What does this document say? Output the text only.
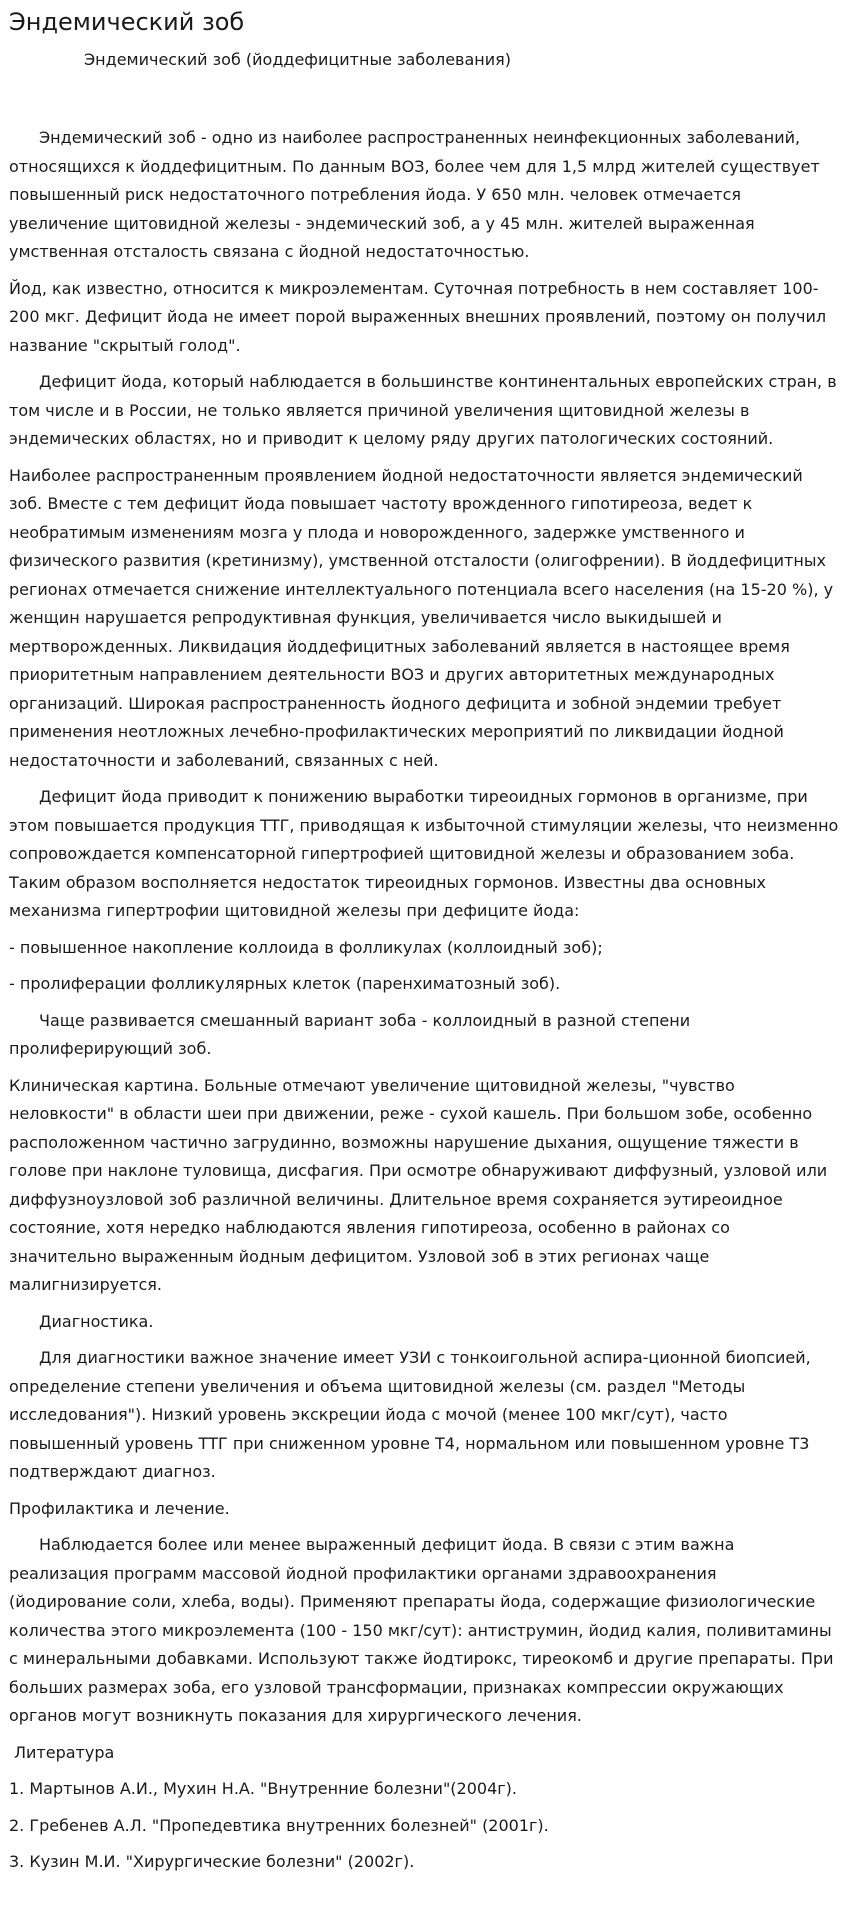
Эндемический зоб
Эндемический зоб (йоддефицитные заболевания)

Эндемический зоб - одно из наиболее распространенных неинфекционных заболеваний, относящихся к йоддефицитным. По данным ВОЗ, более чем для 1,5 млрд жителей существует повышенный риск недостаточного потребления йода. У 650 млн. человек отмечается увеличение щитовидной железы - эндемический зоб, а у 45 млн. жителей выраженная умственная отсталость связана с йодной недостаточностью.

Йод, как известно, относится к микроэлементам. Суточная потребность в нем составляет 100-200 мкг. Дефицит йода не имеет порой выраженных внешних проявлений, поэтому он получил название "скрытый голод".

Дефицит йода, который наблюдается в большинстве континентальных европейских стран, в том числе и в России, не только является причиной увеличения щитовидной железы в эндемических областях, но и приводит к целому ряду других патологических состояний.

Наиболее распространенным проявлением йодной недостаточности является эндемический зоб. Вместе с тем дефицит йода повышает частоту врожденного гипотиреоза, ведет к необратимым изменениям мозга у плода и новорожденного, задержке умственного и физического развития (кретинизму), умственной отсталости (олигофрении). В йоддефицитных регионах отмечается снижение интеллектуального потенциала всего населения (на 15-20 %), у женщин нарушается репродуктивная функция, увеличивается число выкидышей и мертворожденных. Ликвидация йоддефицитных заболеваний является в настоящее время приоритетным направлением деятельности ВОЗ и других авторитетных международных организаций. Широкая распространенность йодного дефицита и зобной эндемии требует применения неотложных лечебно-профилактических мероприятий по ликвидации йодной недостаточности и заболеваний, связанных с ней.

Дефицит йода приводит к понижению выработки тиреоидных гормонов в организме, при этом повышается продукция ТТГ, приводящая к избыточной стимуляции железы, что неизменно сопровождается компенсаторной гипертрофией щитовидной железы и образованием зоба. Таким образом восполняется недостаток тиреоидных гормонов. Известны два основных механизма гипертрофии щитовидной железы при дефиците йода:

- повышенное накопление коллоида в фолликулах (коллоидный зоб);

- пролиферации фолликулярных клеток (паренхиматозный зоб).

Чаще развивается смешанный вариант зоба - коллоидный в разной степени пролиферирующий зоб.

Клиническая картина. Больные отмечают увеличение щитовидной железы, "чувство неловкости" в области шеи при движении, реже - сухой кашель. При большом зобе, особенно расположенном частично загрудинно, возможны нарушение дыхания, ощущение тяжести в голове при наклоне туловища, дисфагия. При осмотре обнаруживают диффузный, узловой или диффузноузловой зоб различной величины. Длительное время сохраняется эутиреоидное состояние, хотя нередко наблюдаются явления гипотиреоза, особенно в районах со значительно выраженным йодным дефицитом. Узловой зоб в этих регионах чаще малигнизируется.

Диагностика.

Для диагностики важное значение имеет УЗИ с тонкоигольной аспира-ционной биопсией, определение степени увеличения и объема щитовидной железы (см. раздел "Методы исследования"). Низкий уровень экскреции йода с мочой (менее 100 мкг/сут), часто повышенный уровень ТТГ при сниженном уровне Т4, нормальном или повышенном уровне Т3 подтверждают диагноз.

Профилактика и лечение.

Наблюдается более или менее выраженный дефицит йода. В связи с этим важна реализация программ массовой йодной профилактики органами здравоохранения (йодирование соли, хлеба, воды). Применяют препараты йода, содержащие физиологические количества этого микроэлемента (100 - 150 мкг/сут): антиструмин, йодид калия, поливитамины с минеральными добавками. Используют также йодтирокс, тиреокомб и другие препараты. При больших размерах зоба, его узловой трансформации, признаках компрессии окружающих органов могут возникнуть показания для хирургического лечения.

Литература

1. Мартынов А.И., Мухин Н.А. "Внутренние болезни"(2004г).

2. Гребенев А.Л. "Пропедевтика внутренних болезней" (2001г).

3. Кузин М.И. "Хирургические болезни" (2002г).
